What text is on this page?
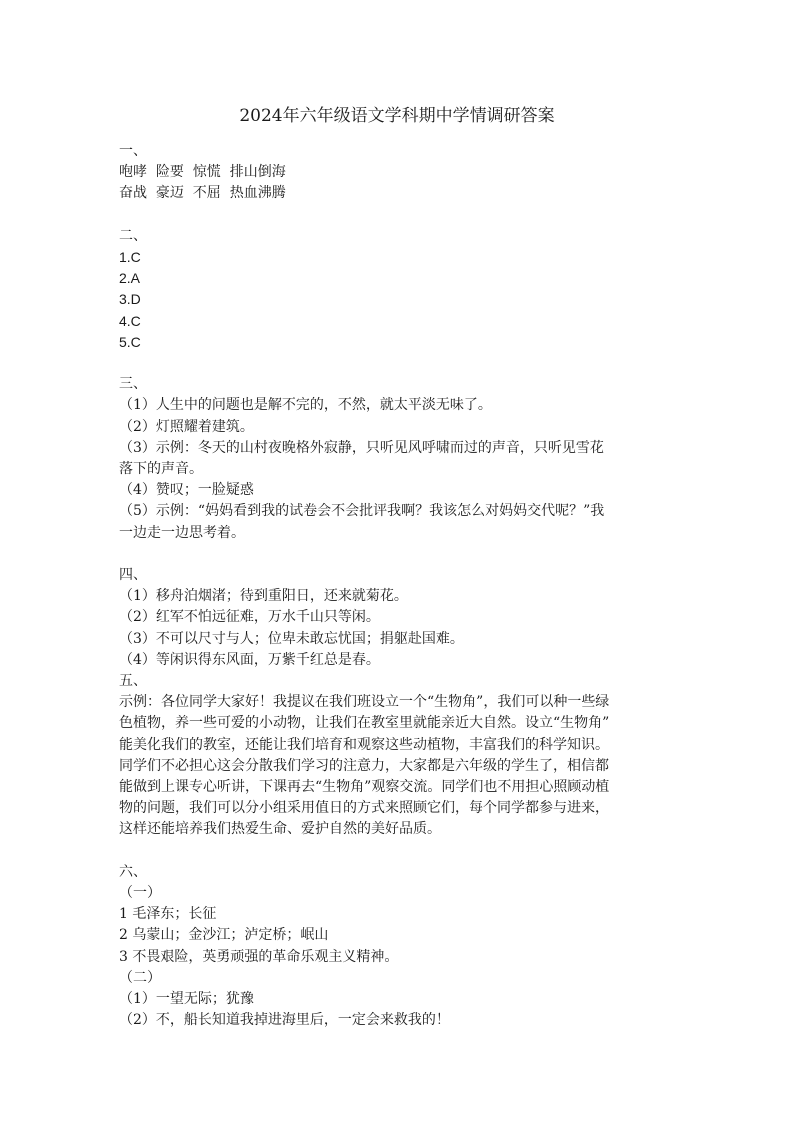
2024年六年级语文学科期中学情调研答案
一、
咆哮  险要  惊慌  排山倒海
奋战  豪迈  不屈  热血沸腾
二、
1.C
2.A
3.D
4.C
5.C
三、
（1）人生中的问题也是解不完的，不然，就太平淡无味了。
（2）灯照耀着建筑。
（3）示例：冬天的山村夜晚格外寂静，只听见风呼啸而过的声音，只听见雪花
落下的声音。
（4）赞叹；一脸疑惑
（5）示例：“妈妈看到我的试卷会不会批评我啊？我该怎么对妈妈交代呢？”我
一边走一边思考着。
四、
（1）移舟泊烟渚；待到重阳日，还来就菊花。
（2）红军不怕远征难，万水千山只等闲。
（3）不可以尺寸与人；位卑未敢忘忧国；捐躯赴国难。
（4）等闲识得东风面，万紫千红总是春。
五、
示例：各位同学大家好！我提议在我们班设立一个“生物角”，我们可以种一些绿
色植物，养一些可爱的小动物，让我们在教室里就能亲近大自然。设立“生物角”
能美化我们的教室，还能让我们培育和观察这些动植物，丰富我们的科学知识。
同学们不必担心这会分散我们学习的注意力，大家都是六年级的学生了，相信都
能做到上课专心听讲，下课再去“生物角”观察交流。同学们也不用担心照顾动植
物的问题，我们可以分小组采用值日的方式来照顾它们，每个同学都参与进来，
这样还能培养我们热爱生命、爱护自然的美好品质。
六、
（一）
1 毛泽东；长征
2 乌蒙山；金沙江；泸定桥；岷山
3 不畏艰险，英勇顽强的革命乐观主义精神。
（二）
（1）一望无际；犹豫
（2）不，船长知道我掉进海里后，一定会来救我的！
